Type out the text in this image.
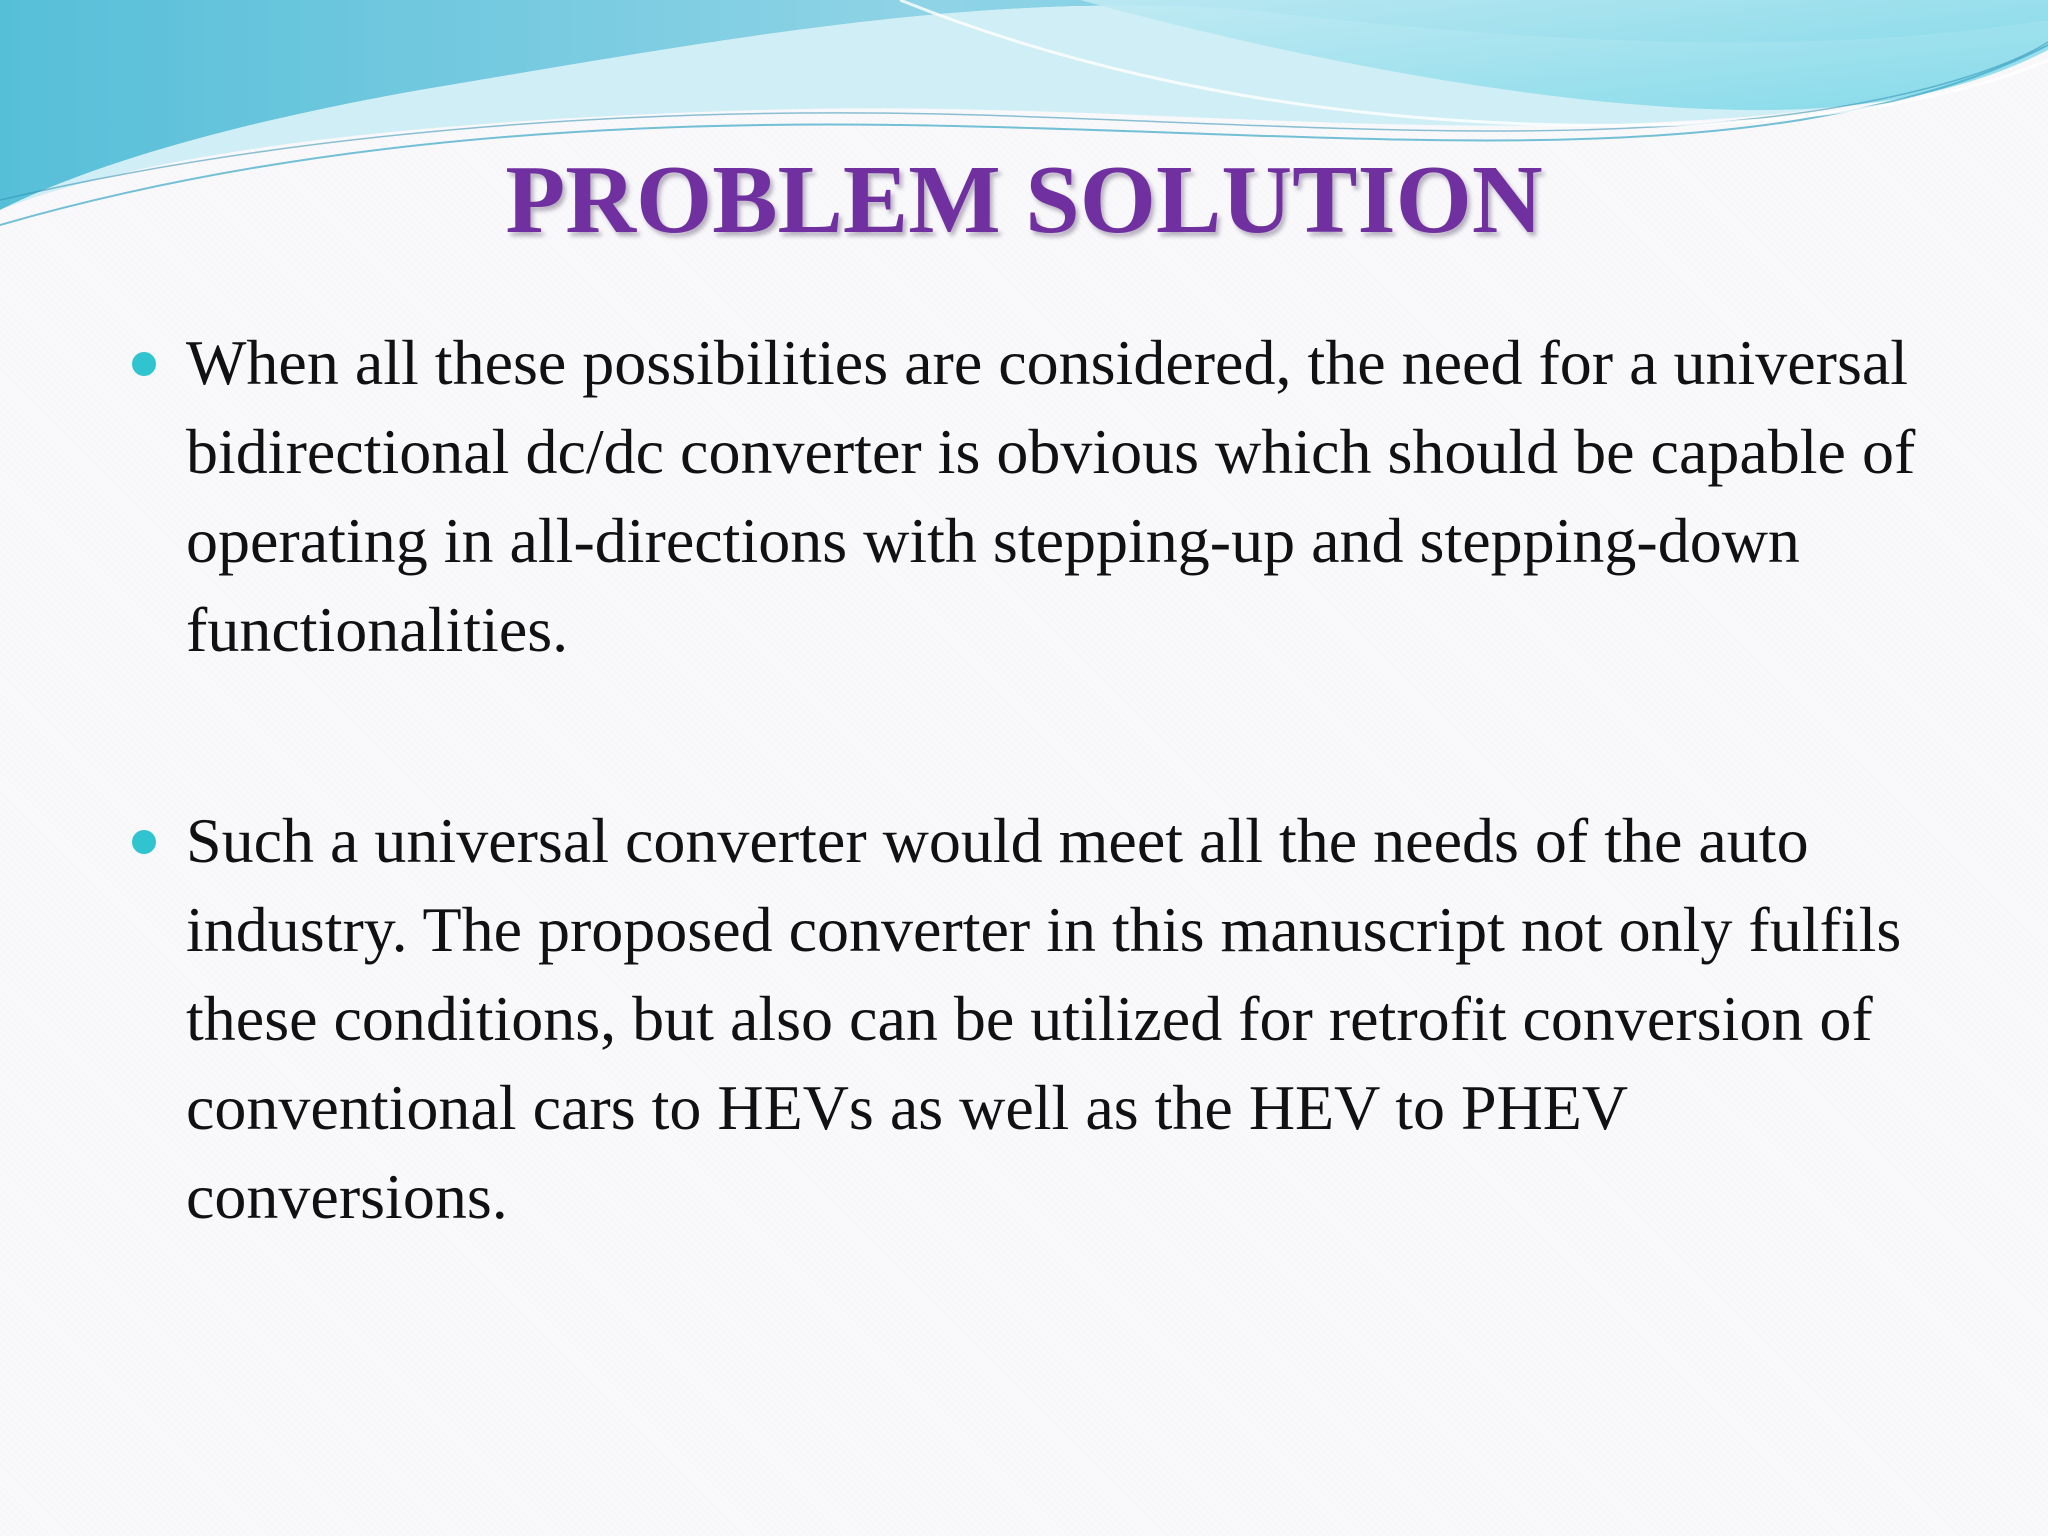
PROBLEM SOLUTION
When all these possibilities are considered, the need for a universal bidirectional dc/dc converter is obvious which should be capable of operating in all-directions with stepping-up and stepping-down functionalities.
Such a universal converter would meet all the needs of the auto industry. The proposed converter in this manuscript not only fulfils these conditions, but also can be utilized for retrofit conversion of conventional cars to HEVs as well as the HEV to PHEV conversions.
